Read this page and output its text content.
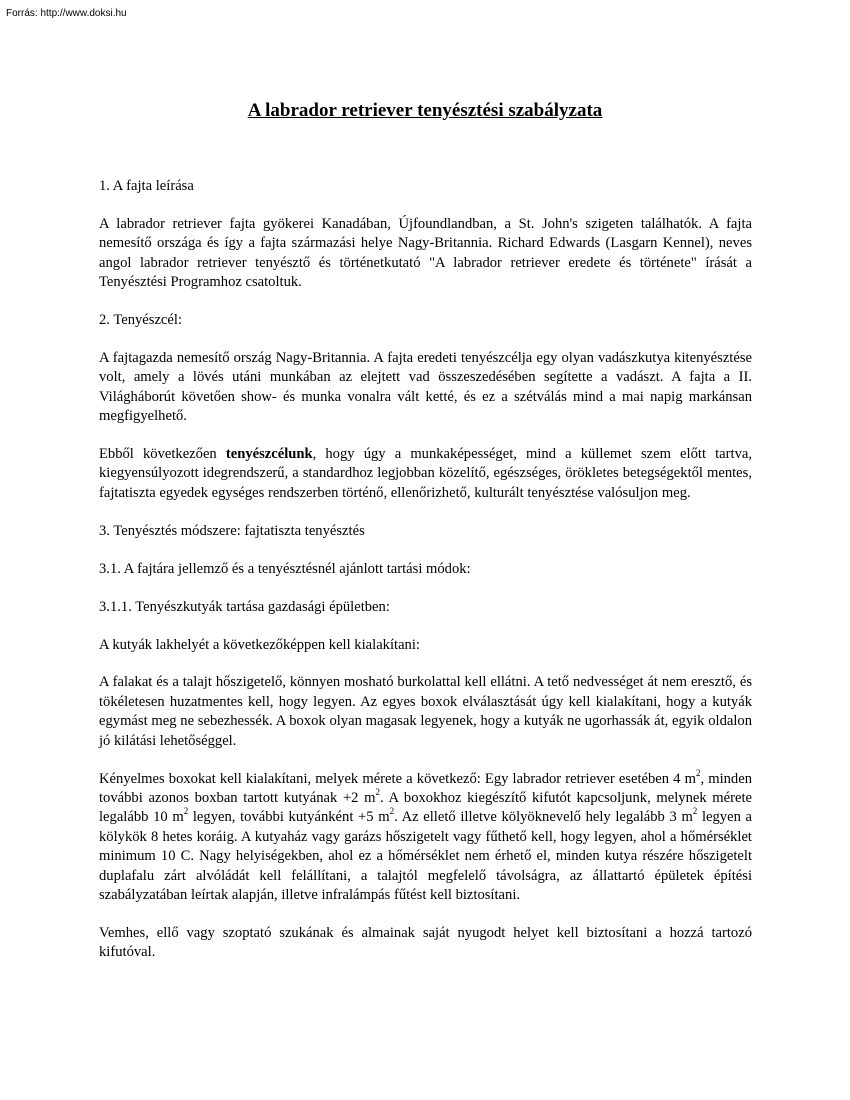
Forrás: http://www.doksi.hu
A labrador retriever tenyésztési szabályzata

1. A fajta leírása

A labrador retriever fajta gyökerei Kanadában, Újfoundlandban, a St. John's szigeten találhatók. A fajta nemesítő országa és így a fajta származási helye Nagy-Britannia. Richard Edwards (Lasgarn Kennel), neves angol labrador retriever tenyésztő és történetkutató "A labrador retriever eredete és története" írását a Tenyésztési Programhoz csatoltuk.

2. Tenyészcél:

A fajtagazda nemesítő ország Nagy-Britannia. A fajta eredeti tenyészcélja egy olyan vadászkutya kitenyésztése volt, amely a lövés utáni munkában az elejtett vad összeszedésében segítette a vadászt. A fajta a II. Világháborút követően show- és munka vonalra vált ketté, és ez a szétválás mind a mai napig markánsan megfigyelhető.

Ebből következően tenyészcélunk, hogy úgy a munkaképességet, mind a küllemet szem előtt tartva, kiegyensúlyozott idegrendszerű, a standardhoz legjobban közelítő, egészséges, örökletes betegségektől mentes, fajtatiszta egyedek egységes rendszerben történő, ellenőrizhető, kulturált tenyésztése valósuljon meg.

3. Tenyésztés módszere: fajtatiszta tenyésztés

3.1. A fajtára jellemző és a tenyésztésnél ajánlott tartási módok:

3.1.1. Tenyészkutyák tartása gazdasági épületben:

A kutyák lakhelyét a következőképpen kell kialakítani:

A falakat és a talajt hőszigetelő, könnyen mosható burkolattal kell ellátni. A tető nedvességet át nem eresztő, és tökéletesen huzatmentes kell, hogy legyen. Az egyes boxok elválasztását úgy kell kialakítani, hogy a kutyák egymást meg ne sebezhessék. A boxok olyan magasak legyenek, hogy a kutyák ne ugorhassák át, egyik oldalon jó kilátási lehetőséggel.

Kényelmes boxokat kell kialakítani, melyek mérete a következő: Egy labrador retriever esetében 4 $m^2$, minden további azonos boxban tartott kutyának +2 $m^2$. A boxokhoz kiegészítő kifutót kapcsoljunk, melynek mérete legalább 10 $m^2$ legyen, további kutyánként +5 $m^2$. Az ellető illetve kölyöknevelő hely legalább 3 $m^2$ legyen a kölykök 8 hetes koráig. A kutyaház vagy garázs hőszigetelt vagy fűthető kell, hogy legyen, ahol a hőmérséklet minimum 10 C. Nagy helyiségekben, ahol ez a hőmérséklet nem érhető el, minden kutya részére hőszigetelt duplafalu zárt alvóládát kell felállítani, a talajtól megfelelő távolságra, az állattartó épületek építési szabályzatában leírtak alapján, illetve infralámpás fűtést kell biztosítani.

Vemhes, ellő vagy szoptató szukának és almainak saját nyugodt helyet kell biztosítani a hozzá tartozó kifutóval.
